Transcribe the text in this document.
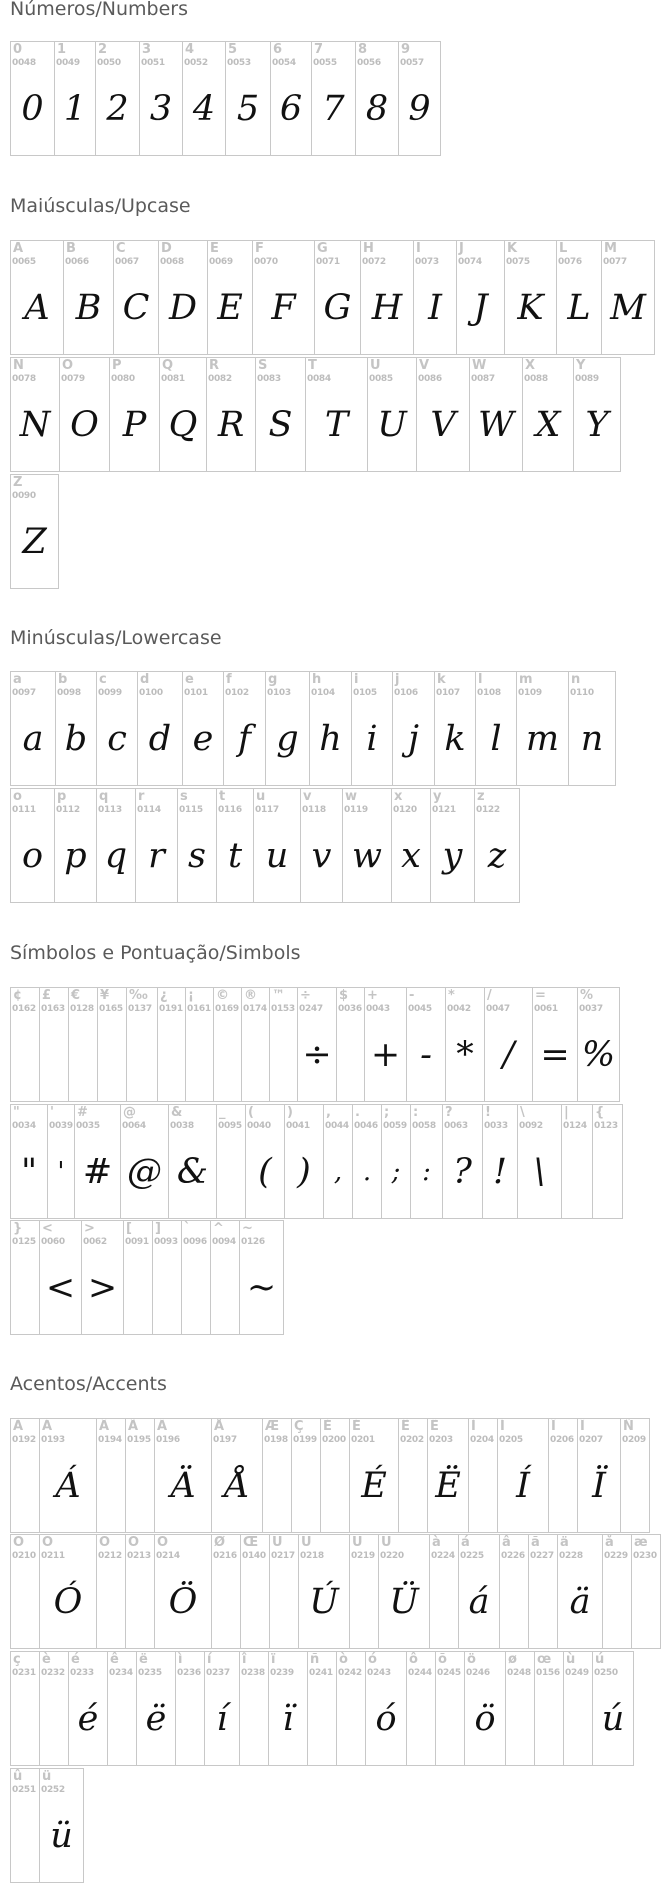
Números/Numbers
0
0048
0
1
0049
1
2
0050
2
3
0051
3
4
0052
4
5
0053
5
6
0054
6
7
0055
7
8
0056
8
9
0057
9
Maiúsculas/Upcase
A
0065
A
B
0066
B
C
0067
C
D
0068
D
E
0069
E
F
0070
F
G
0071
G
H
0072
H
I
0073
I
J
0074
J
K
0075
K
L
0076
L
M
0077
M
N
0078
N
O
0079
O
P
0080
P
Q
0081
Q
R
0082
R
S
0083
S
T
0084
T
U
0085
U
V
0086
V
W
0087
W
X
0088
X
Y
0089
Y
Z
0090
Z
Minúsculas/Lowercase
a
0097
a
b
0098
b
c
0099
c
d
0100
d
e
0101
e
f
0102
f
g
0103
g
h
0104
h
i
0105
i
j
0106
j
k
0107
k
l
0108
l
m
0109
m
n
0110
n
o
0111
o
p
0112
p
q
0113
q
r
0114
r
s
0115
s
t
0116
t
u
0117
u
v
0118
v
w
0119
w
x
0120
x
y
0121
y
z
0122
z
Símbolos e Pontuação/Simbols
¢
0162
£
0163
€
0128
¥
0165
‰
0137
¿
0191
¡
0161
©
0169
®
0174
™
0153
÷
0247
÷
$
0036
+
0043
+
-
0045
-
*
0042
*
/
0047
/
=
0061
=
%
0037
%
"
0034
"
'
0039
'
#
0035
#
@
0064
@
&
0038
&
_
0095
(
0040
(
)
0041
)
,
0044
,
.
0046
.
;
0059
;
:
0058
:
?
0063
?
!
0033
!
\
0092
\
|
0124
{
0123
}
0125
<
0060
<
>
0062
>
[
0091
]
0093
`
0096
^
0094
~
0126
~
Acentos/Accents
À
0192
Á
0193
Á
Â
0194
Ã
0195
Ä
0196
Ä
Å
0197
Å
Æ
0198
Ç
0199
È
0200
É
0201
É
Ê
0202
Ë
0203
Ë
Ì
0204
Í
0205
Í
Î
0206
Ï
0207
Ï
Ñ
0209
Ò
0210
Ó
0211
Ó
Ô
0212
Õ
0213
Ö
0214
Ö
Ø
0216
Œ
0140
Ù
0217
Ú
0218
Ú
Û
0219
Ü
0220
Ü
à
0224
á
0225
á
â
0226
ã
0227
ä
0228
ä
å
0229
æ
0230
ç
0231
è
0232
é
0233
é
ê
0234
ë
0235
ë
ì
0236
í
0237
í
î
0238
ï
0239
ï
ñ
0241
ò
0242
ó
0243
ó
ô
0244
õ
0245
ö
0246
ö
ø
0248
œ
0156
ù
0249
ú
0250
ú
û
0251
ü
0252
ü
